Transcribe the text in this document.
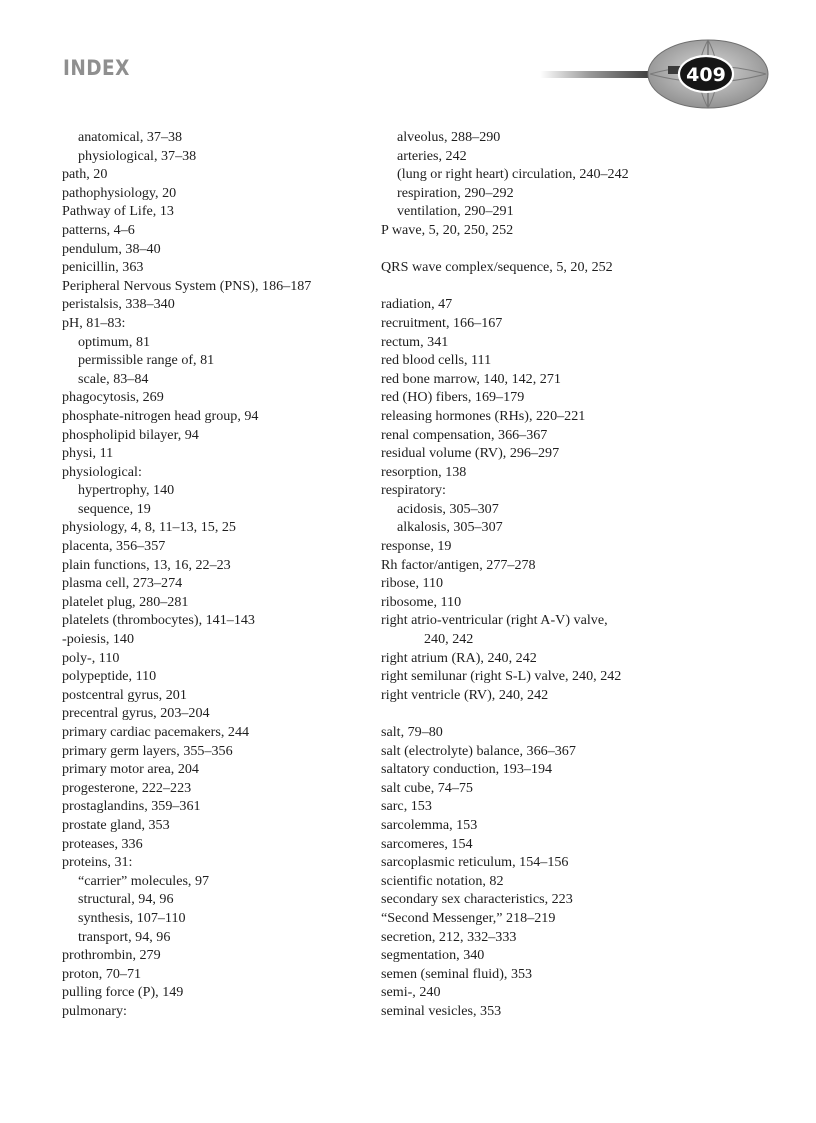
INDEX	409
anatomical, 37–38
physiological, 37–38
path, 20
pathophysiology, 20
Pathway of Life, 13
patterns, 4–6
pendulum, 38–40
penicillin, 363
Peripheral Nervous System (PNS), 186–187
peristalsis, 338–340
pH, 81–83:
optimum, 81
permissible range of, 81
scale, 83–84
phagocytosis, 269
phosphate-nitrogen head group, 94
phospholipid bilayer, 94
physi, 11
physiological:
hypertrophy, 140
sequence, 19
physiology, 4, 8, 11–13, 15, 25
placenta, 356–357
plain functions, 13, 16, 22–23
plasma cell, 273–274
platelet plug, 280–281
platelets (thrombocytes), 141–143
-poiesis, 140
poly-, 110
polypeptide, 110
postcentral gyrus, 201
precentral gyrus, 203–204
primary cardiac pacemakers, 244
primary germ layers, 355–356
primary motor area, 204
progesterone, 222–223
prostaglandins, 359–361
prostate gland, 353
proteases, 336
proteins, 31:
“carrier” molecules, 97
structural, 94, 96
synthesis, 107–110
transport, 94, 96
prothrombin, 279
proton, 70–71
pulling force (P), 149
pulmonary:
alveolus, 288–290
arteries, 242
(lung or right heart) circulation, 240–242
respiration, 290–292
ventilation, 290–291
P wave, 5, 20, 250, 252
QRS wave complex/sequence, 5, 20, 252
radiation, 47
recruitment, 166–167
rectum, 341
red blood cells, 111
red bone marrow, 140, 142, 271
red (HO) fibers, 169–179
releasing hormones (RHs), 220–221
renal compensation, 366–367
residual volume (RV), 296–297
resorption, 138
respiratory:
acidosis, 305–307
alkalosis, 305–307
response, 19
Rh factor/antigen, 277–278
ribose, 110
ribosome, 110
right atrio-ventricular (right A-V) valve,
240, 242
right atrium (RA), 240, 242
right semilunar (right S-L) valve, 240, 242
right ventricle (RV), 240, 242
salt, 79–80
salt (electrolyte) balance, 366–367
saltatory conduction, 193–194
salt cube, 74–75
sarc, 153
sarcolemma, 153
sarcomeres, 154
sarcoplasmic reticulum, 154–156
scientific notation, 82
secondary sex characteristics, 223
“Second Messenger,” 218–219
secretion, 212, 332–333
segmentation, 340
semen (seminal fluid), 353
semi-, 240
seminal vesicles, 353
